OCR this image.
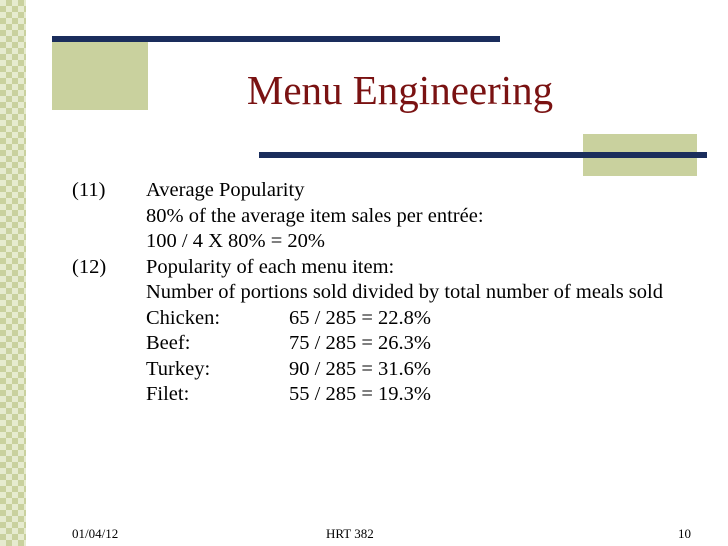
Menu Engineering
(11)	Average Popularity
80% of the average item sales per entrée:
100 / 4 X 80% = 20%
(12)	Popularity of each menu item:
Number of portions sold divided by total number of meals sold
Chicken:	65 / 285 = 22.8%
Beef:	75 / 285 = 26.3%
Turkey:	90 / 285 = 31.6%
Filet:	55 / 285 = 19.3%
01/04/12	HRT 382	10
